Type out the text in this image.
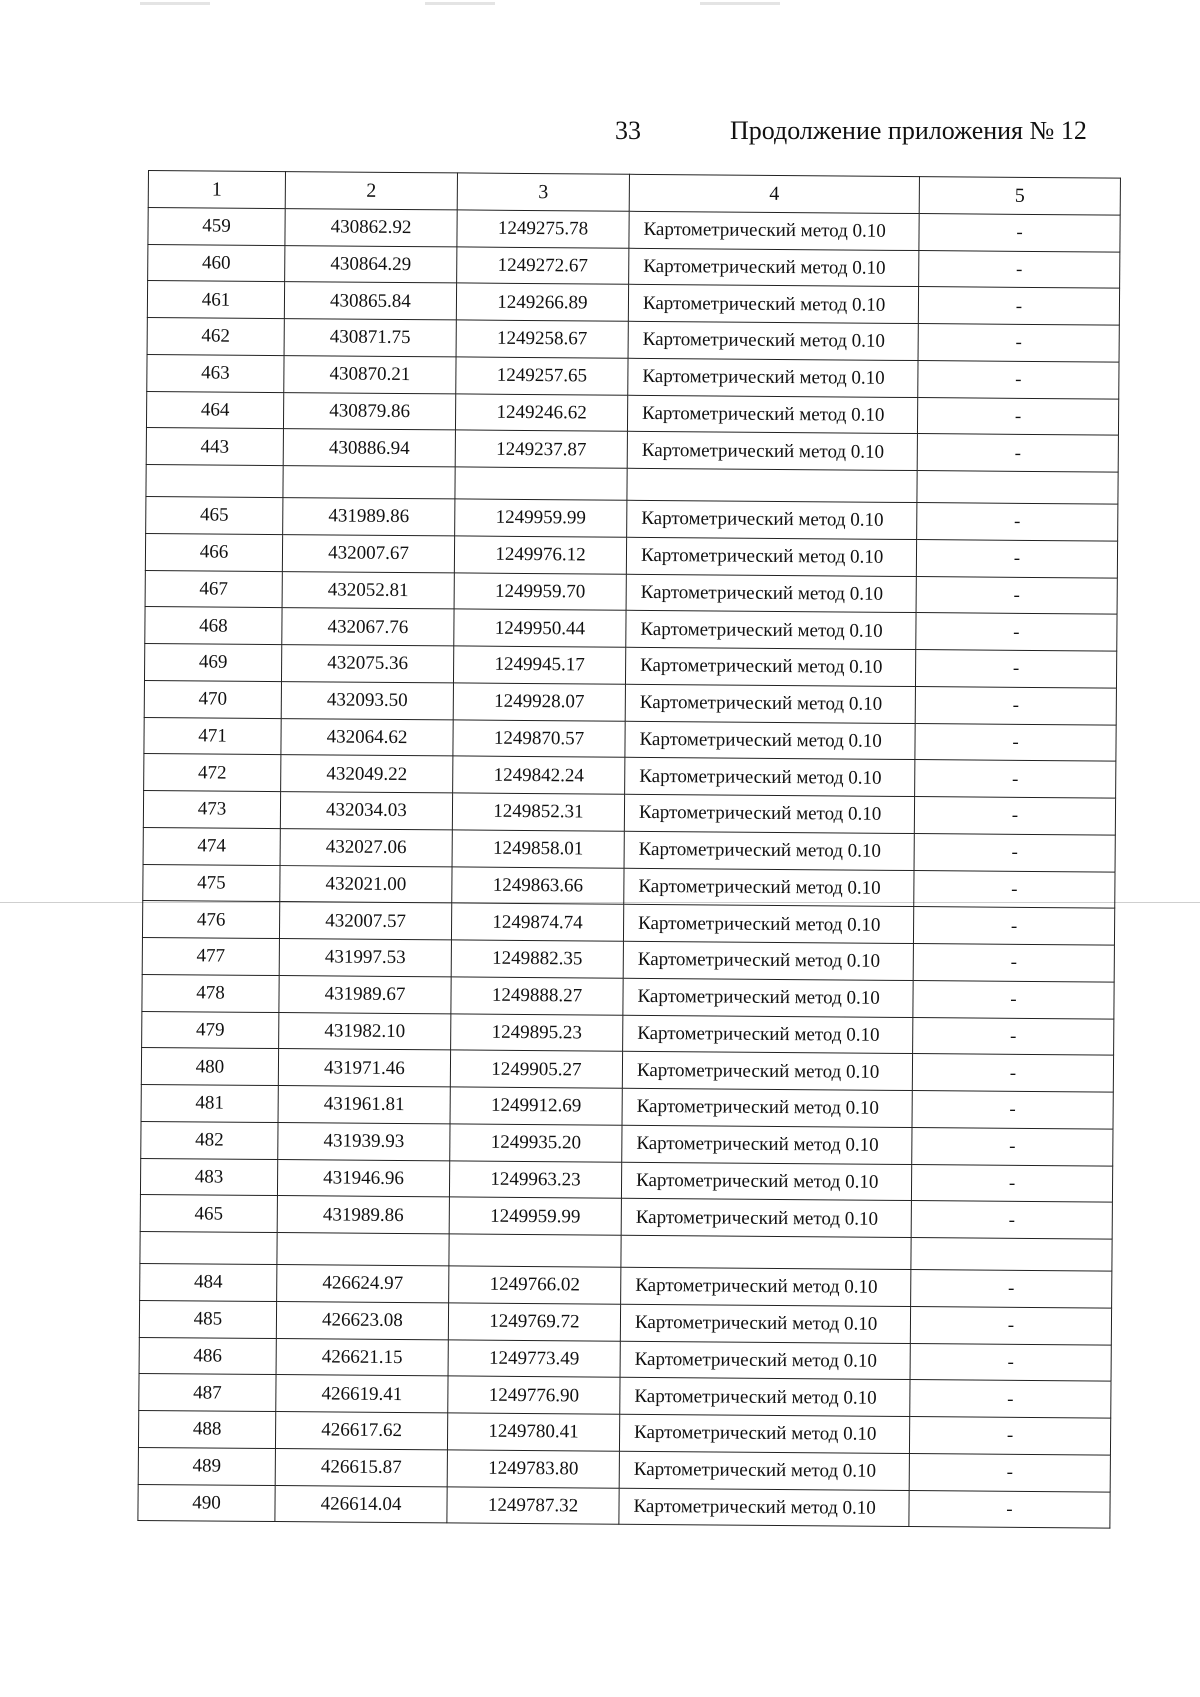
33	Продолжение приложения № 12
1	2	3	4	5
459	430862.92	1249275.78	Картометрический метод 0.10	-
460	430864.29	1249272.67	Картометрический метод 0.10	-
461	430865.84	1249266.89	Картометрический метод 0.10	-
462	430871.75	1249258.67	Картометрический метод 0.10	-
463	430870.21	1249257.65	Картометрический метод 0.10	-
464	430879.86	1249246.62	Картометрический метод 0.10	-
443	430886.94	1249237.87	Картометрический метод 0.10	-

465	431989.86	1249959.99	Картометрический метод 0.10	-
466	432007.67	1249976.12	Картометрический метод 0.10	-
467	432052.81	1249959.70	Картометрический метод 0.10	-
468	432067.76	1249950.44	Картометрический метод 0.10	-
469	432075.36	1249945.17	Картометрический метод 0.10	-
470	432093.50	1249928.07	Картометрический метод 0.10	-
471	432064.62	1249870.57	Картометрический метод 0.10	-
472	432049.22	1249842.24	Картометрический метод 0.10	-
473	432034.03	1249852.31	Картометрический метод 0.10	-
474	432027.06	1249858.01	Картометрический метод 0.10	-
475	432021.00	1249863.66	Картометрический метод 0.10	-
476	432007.57	1249874.74	Картометрический метод 0.10	-
477	431997.53	1249882.35	Картометрический метод 0.10	-
478	431989.67	1249888.27	Картометрический метод 0.10	-
479	431982.10	1249895.23	Картометрический метод 0.10	-
480	431971.46	1249905.27	Картометрический метод 0.10	-
481	431961.81	1249912.69	Картометрический метод 0.10	-
482	431939.93	1249935.20	Картометрический метод 0.10	-
483	431946.96	1249963.23	Картометрический метод 0.10	-
465	431989.86	1249959.99	Картометрический метод 0.10	-

484	426624.97	1249766.02	Картометрический метод 0.10	-
485	426623.08	1249769.72	Картометрический метод 0.10	-
486	426621.15	1249773.49	Картометрический метод 0.10	-
487	426619.41	1249776.90	Картометрический метод 0.10	-
488	426617.62	1249780.41	Картометрический метод 0.10	-
489	426615.87	1249783.80	Картометрический метод 0.10	-
490	426614.04	1249787.32	Картометрический метод 0.10	-
